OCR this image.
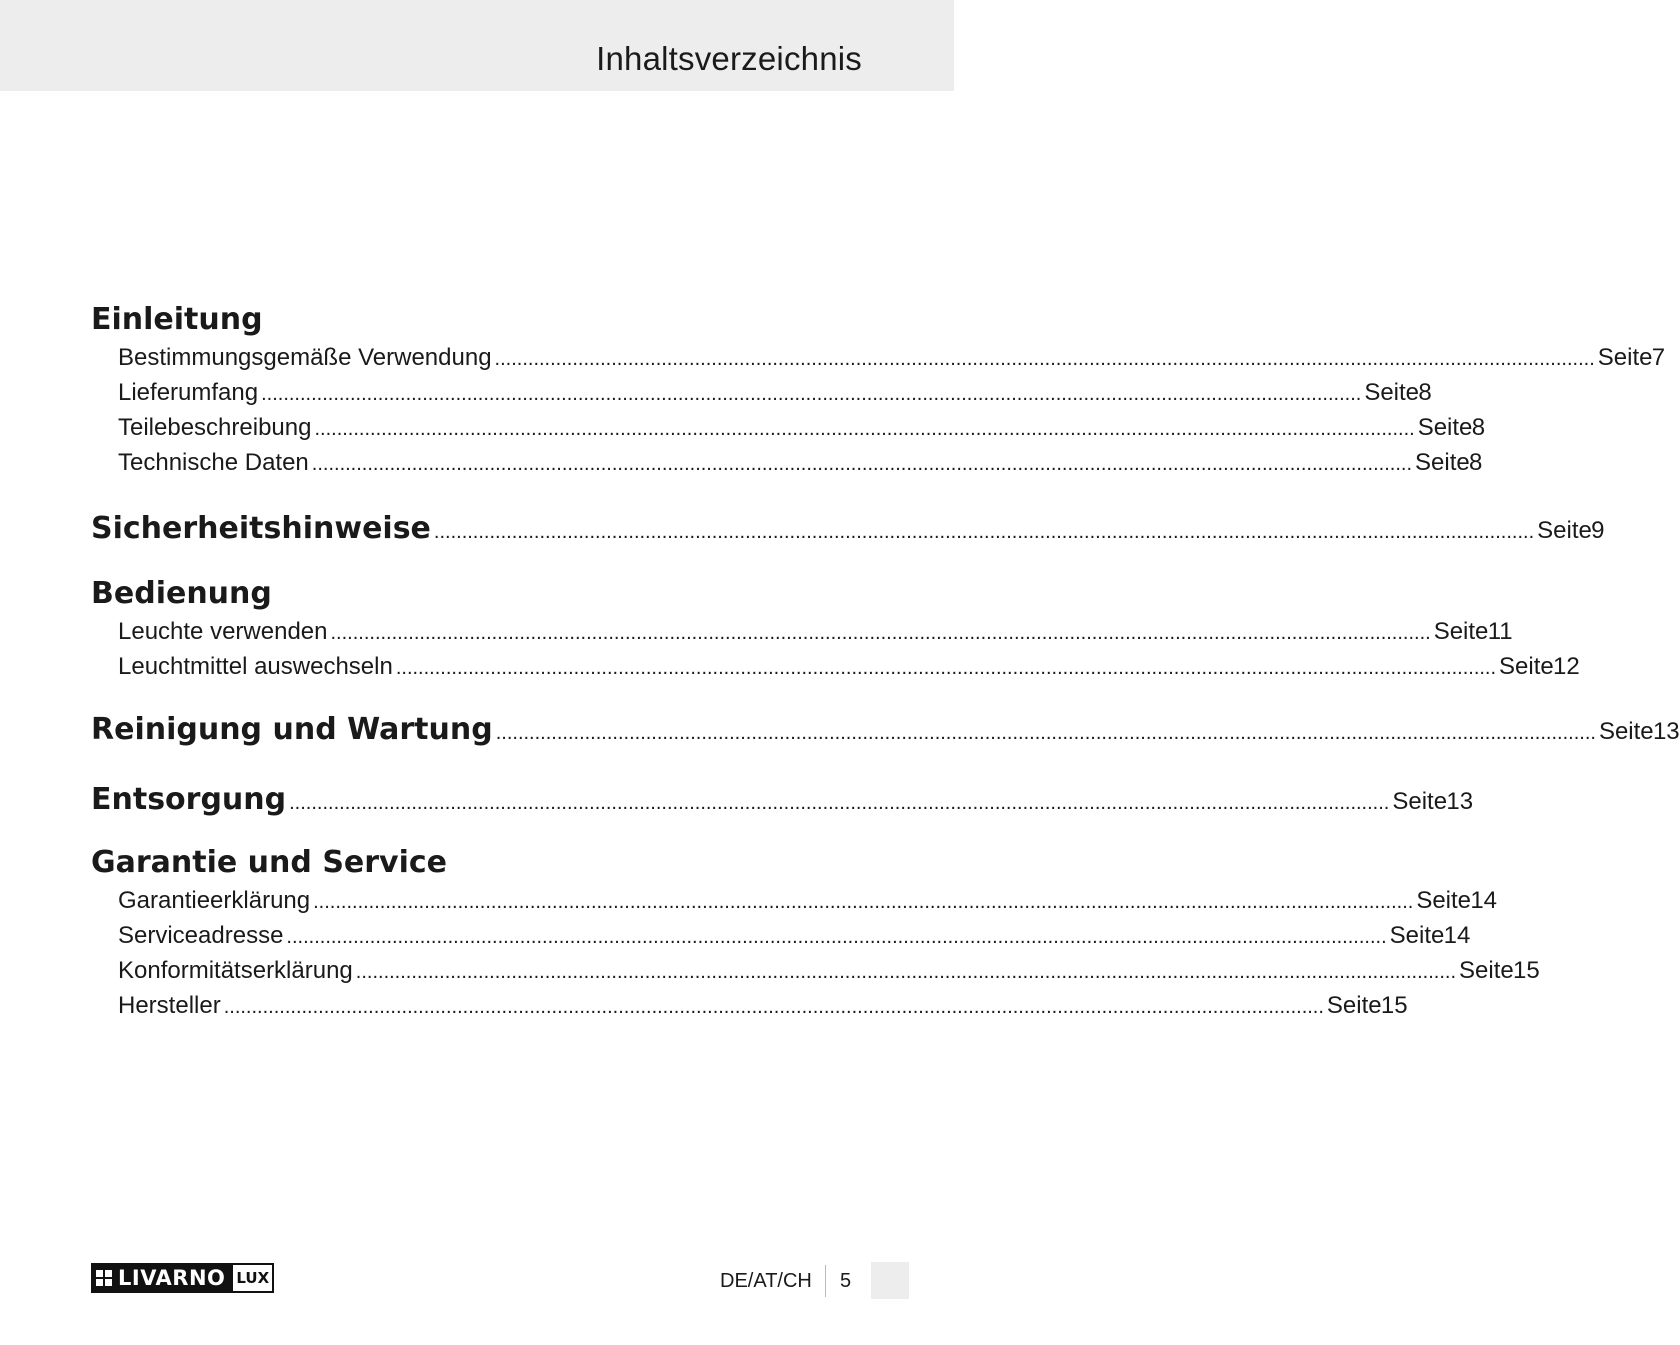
Inhaltsverzeichnis
Einleitung
Bestimmungsgemäße Verwendung ...................................................................................................................................................................................................... Seite 7
Lieferumfang ...................................................................................................................................................................................................... Seite 8
Teilebeschreibung ...................................................................................................................................................................................................... Seite 8
Technische Daten ...................................................................................................................................................................................................... Seite 8
Sicherheitshinweise ...................................................................................................................................................................................................... Seite 9
Bedienung
Leuchte verwenden ...................................................................................................................................................................................................... Seite 11
Leuchtmittel auswechseln ...................................................................................................................................................................................................... Seite 12
Reinigung und Wartung ...................................................................................................................................................................................................... Seite 13
Entsorgung ...................................................................................................................................................................................................... Seite 13
Garantie und Service
Garantieerklärung ...................................................................................................................................................................................................... Seite 14
Serviceadresse ...................................................................................................................................................................................................... Seite 14
Konformitätserklärung ...................................................................................................................................................................................................... Seite 15
Hersteller ...................................................................................................................................................................................................... Seite 15
LIVARNO LUX	DE/AT/CH 5
